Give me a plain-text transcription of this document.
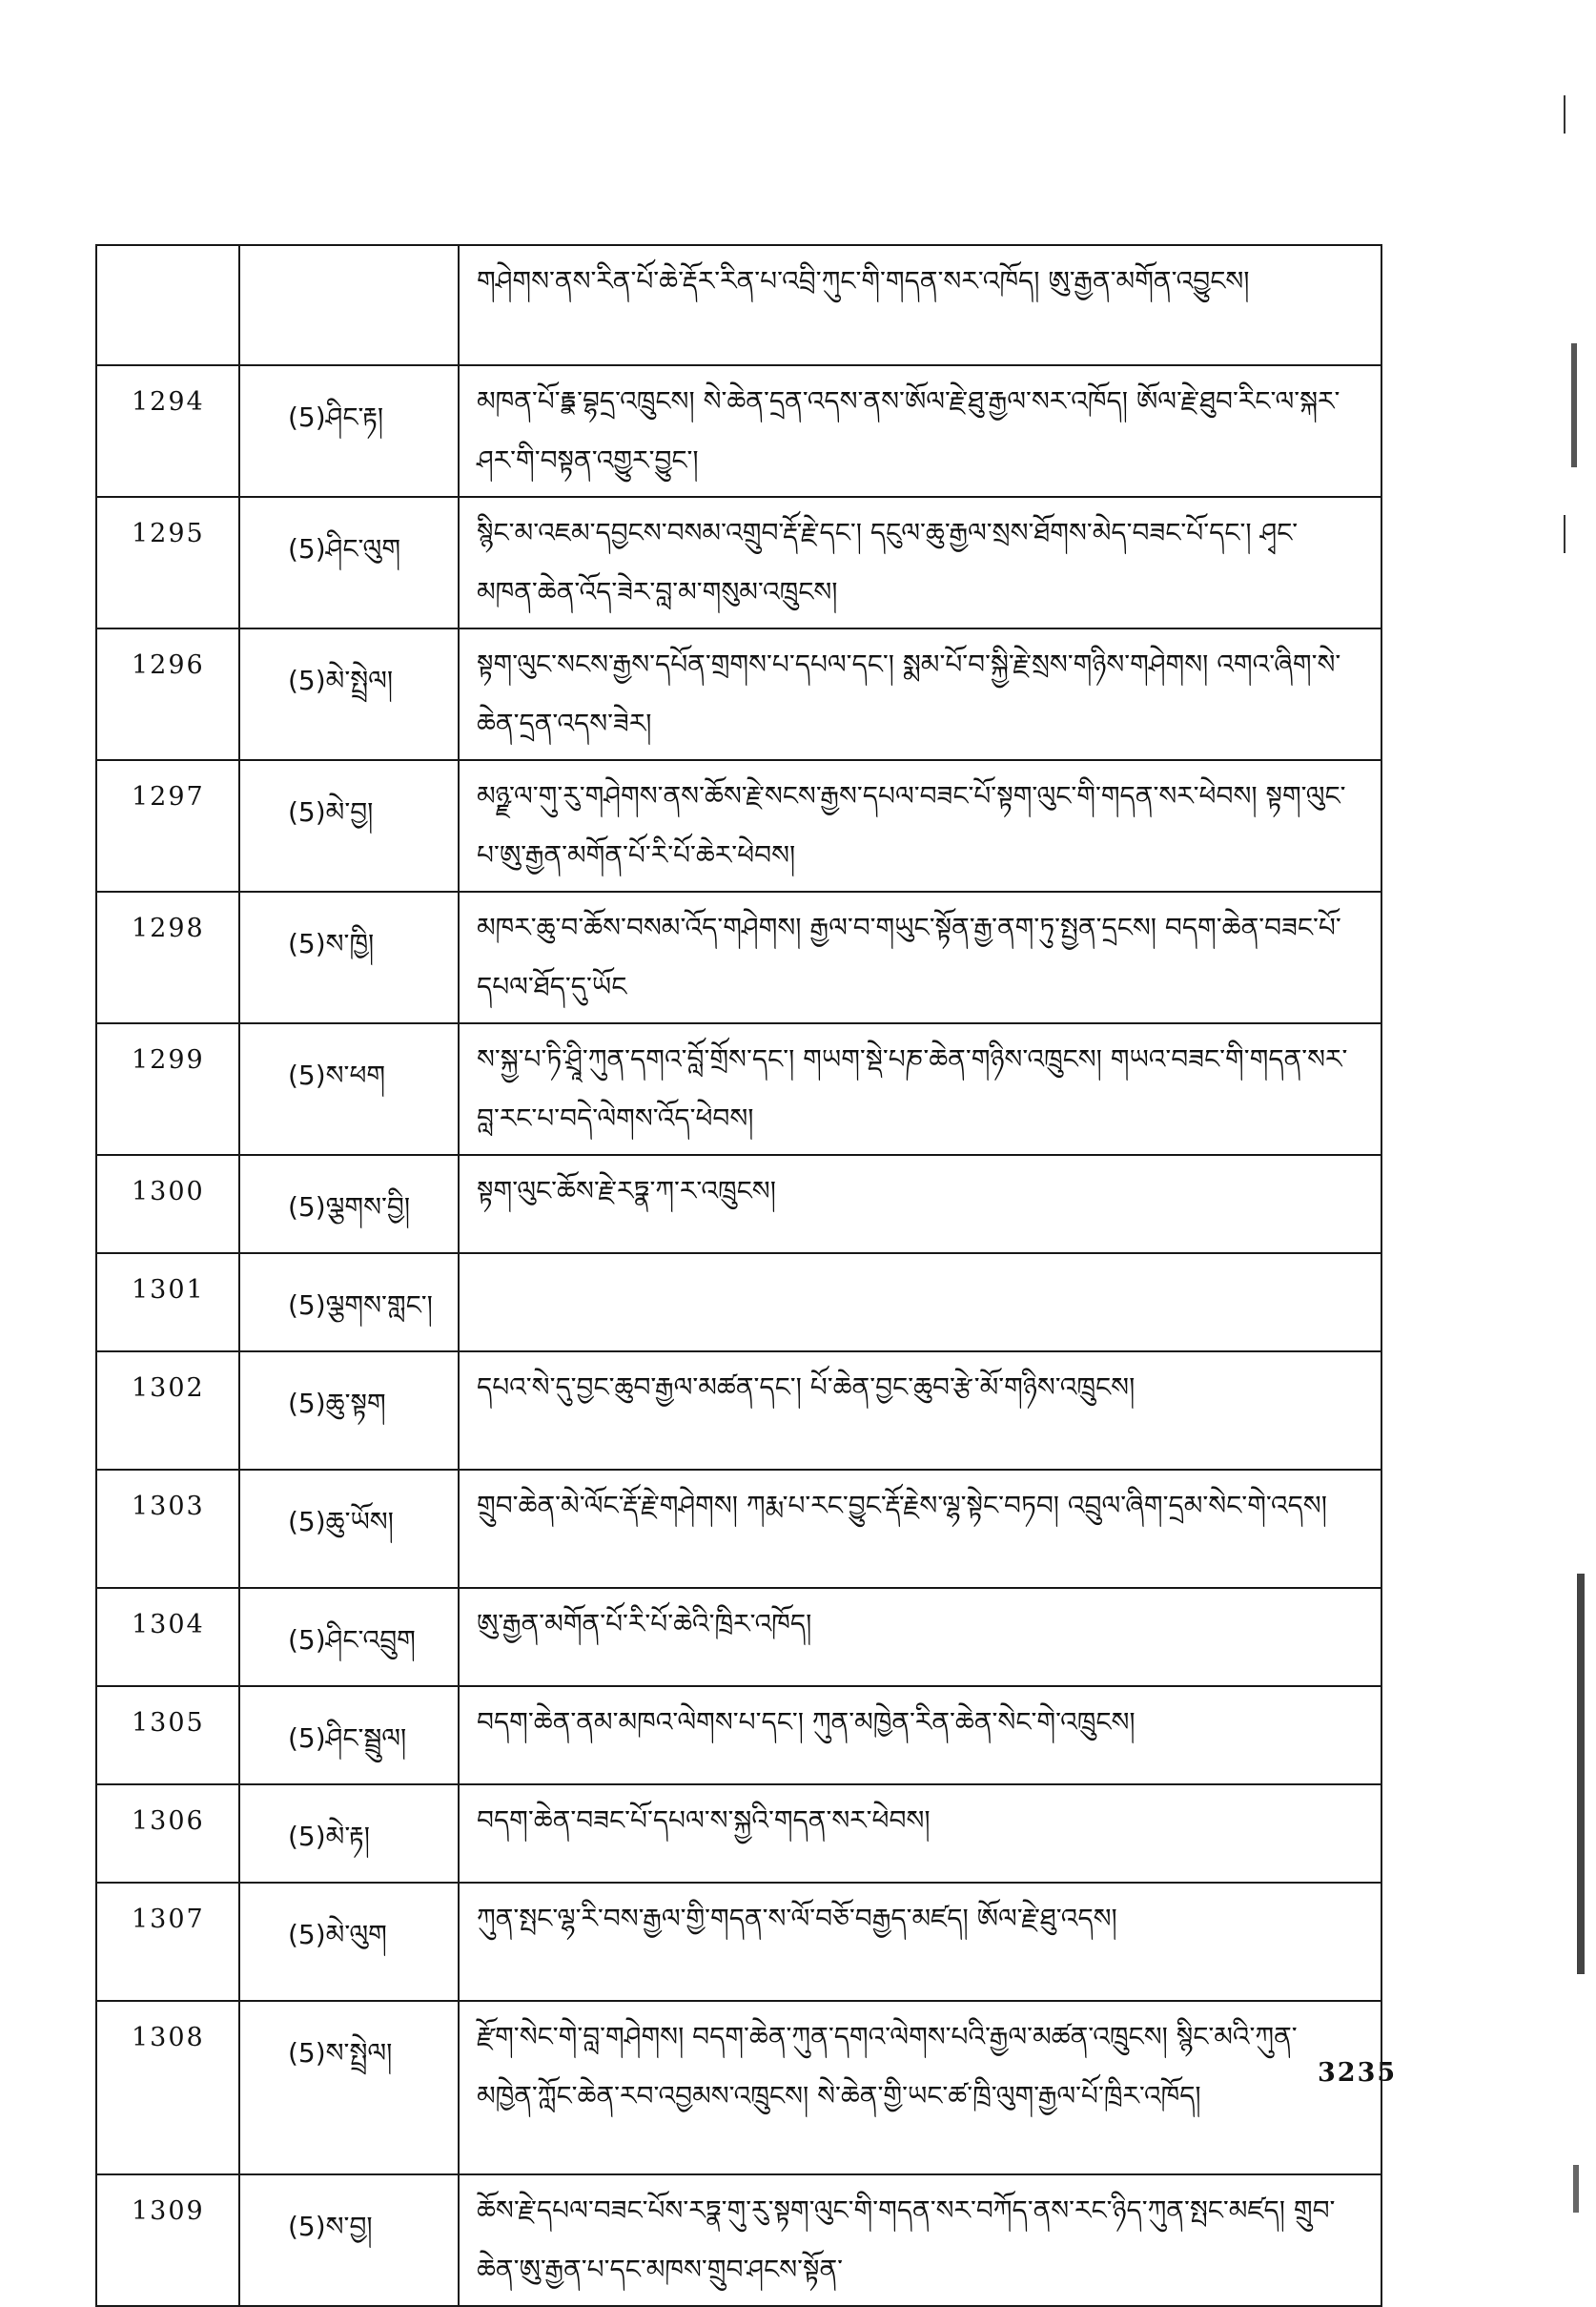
		གཤེགས་ནས་རིན་པོ་ཆེ་རྡོར་རིན་པ་འབྲི་ཀུང་གི་གདན་སར་འཁོད། ཨུ་རྒྱན་མགོན་འབྱུངས།
1294	(5)ཤིང་རྟ།	མཁན་པོ་རྟྣ་བྷདྲ་འཁྲུངས། སེ་ཆེན་དྲན་འདས་ནས་ཨོལ་རྗེ་ཐུ་རྒྱལ་སར་འཁོད། ཨོལ་རྗེ་ཐུབ་རིང་ལ་སྐར་ཤར་གི་བསྟན་འགྱུར་བྱུང་།
1295	(5)ཤིང་ལུག	སྙིང་མ་འཇམ་དབྱངས་བསམ་འགྲུབ་རྡོ་རྗེ་དང་། དངུལ་ཆུ་རྒྱལ་སྲས་ཐོགས་མེད་བཟང་པོ་དང་། ཤྭང་མཁན་ཆེན་འོད་ཟེར་བླ་མ་གསུམ་འཁྲུངས།
1296	(5)མེ་སྤྲེལ།	སྟག་ལུང་སངས་རྒྱས་དཔོན་གྲགས་པ་དཔལ་དང་། སྨམ་པོ་བ་སྐྱི་རྗེ་སྲས་གཉིས་གཤེགས། འགའ་ཞིག་སེ་ཆེན་དྲན་འདས་ཟེར།
1297	(5)མེ་བྱ།	མཉྫ་ལ་གུ་རུ་གཤེགས་ནས་ཆོས་རྗེ་སངས་རྒྱས་དཔལ་བཟང་པོ་སྟག་ལུང་གི་གདན་སར་ཕེབས། སྟག་ལུང་པ་ཨུ་རྒྱན་མགོན་པོ་རི་པོ་ཆེར་ཕེབས།
1298	(5)ས་ཁྱི།	མཁར་ཆུ་བ་ཆོས་བསམ་འོད་གཤེགས། རྒྱལ་བ་གཡུང་སྟོན་རྒྱ་ནག་ཏུ་སྤྱན་དྲངས། བདག་ཆེན་བཟང་པོ་དཔལ་ཐོད་དུ་ཡོང
1299	(5)ས་ཕག	ས་སྐྱ་པ་ཏི་ཤྲཱི་ཀུན་དགའ་བློ་གྲོས་དང་། གཡག་སྡེ་པཎ་ཆེན་གཉིས་འཁྲུངས། གཡའ་བཟང་གི་གདན་སར་བླ་རང་པ་བདེ་ལེགས་འོད་ཕེབས།
1300	(5)ལྕགས་བྱི།	སྟག་ལུང་ཆོས་རྗེ་རཏྣ་ཀ་ར་འཁྲུངས།
1301	(5)ལྕགས་གླང་།	
1302	(5)ཆུ་སྟག	དཔའ་སེ་དུ་བྱང་ཆུབ་རྒྱལ་མཚན་དང་། པོ་ཆེན་བྱང་ཆུབ་རྩེ་མོ་གཉིས་འཁྲུངས།
1303	(5)ཆུ་ཡོས།	གྲུབ་ཆེན་མེ་ལོང་རྡོ་རྗེ་གཤེགས། ཀརྨ་པ་རང་བྱུང་རྡོ་རྗེས་ལྷ་སྟེང་བཏབ། འབྲུལ་ཞིག་དྲམ་སེང་གེ་འདས།
1304	(5)ཤིང་འབྲུག	ཨུ་རྒྱན་མགོན་པོ་རི་པོ་ཆེའི་ཁྲིར་འཁོད།
1305	(5)ཤིང་སྦྲུལ།	བདག་ཆེན་ནམ་མཁའ་ལེགས་པ་དང་། ཀུན་མཁྱེན་རིན་ཆེན་སེང་གེ་འཁྲུངས།
1306	(5)མེ་རྟ།	བདག་ཆེན་བཟང་པོ་དཔལ་ས་སྐྱའི་གདན་སར་ཕེབས།
1307	(5)མེ་ལུག	ཀུན་སྤང་ལྷ་རི་བས་རྒྱལ་གྱི་གདན་ས་ལོ་བཅོ་བརྒྱད་མཛད། ཨོལ་རྗེ་ཐུ་འདས།
1308	(5)ས་སྤྲེལ།	རྫོག་སེང་གེ་བླ་གཤེགས། བདག་ཆེན་ཀུན་དགའ་ལེགས་པའི་རྒྱལ་མཚན་འཁྲུངས། སྙིང་མའི་ཀུན་མཁྱེན་ཀློང་ཆེན་རབ་འབྱམས་འཁྲུངས། སེ་ཆེན་གྱི་ཡང་ཚ་ཁྲི་ལུག་རྒྱལ་པོ་ཁྲིར་འཁོད།
1309	(5)ས་བྱ།	ཆོས་རྗེ་དཔལ་བཟང་པོས་རཏྣ་གུ་རུ་སྟག་ལུང་གི་གདན་སར་བཀོད་ནས་རང་ཉིད་ཀུན་སྤང་མཛད། གྲུབ་ཆེན་ཨུ་རྒྱན་པ་དང་མཁས་གྲུབ་ཤངས་སྟོན་
3235
